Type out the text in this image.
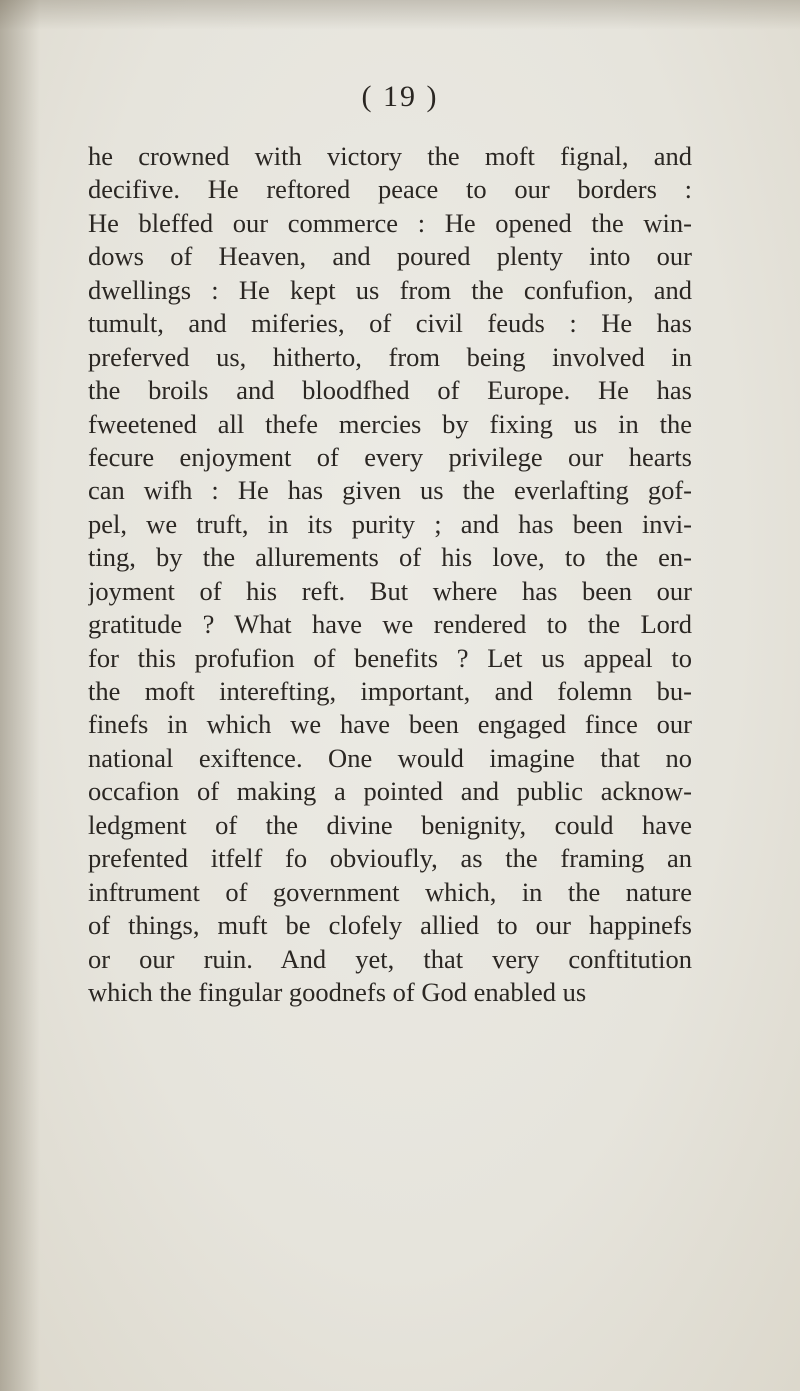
( 19 )
he crowned with victory the moft fignal, and
decifive. He reftored peace to our borders :
He bleffed our commerce : He opened the win-
dows of Heaven, and poured plenty into our
dwellings : He kept us from the confufion, and
tumult, and miferies, of civil feuds : He has
preferved us, hitherto, from being involved in
the broils and bloodfhed of Europe. He has
fweetened all thefe mercies by fixing us in the
fecure enjoyment of every privilege our hearts
can wifh : He has given us the everlafting gof-
pel, we truft, in its purity ; and has been invi-
ting, by the allurements of his love, to the en-
joyment of his reft. But where has been our
gratitude ? What have we rendered to the Lord
for this profufion of benefits ? Let us appeal to
the moft interefting, important, and folemn bu-
finefs in which we have been engaged fince our
national exiftence. One would imagine that no
occafion of making a pointed and public acknow-
ledgment of the divine benignity, could have
prefented itfelf fo obvioufly, as the framing an
inftrument of government which, in the nature
of things, muft be clofely allied to our happinefs
or our ruin. And yet, that very conftitution
which the fingular goodnefs of God enabled us
